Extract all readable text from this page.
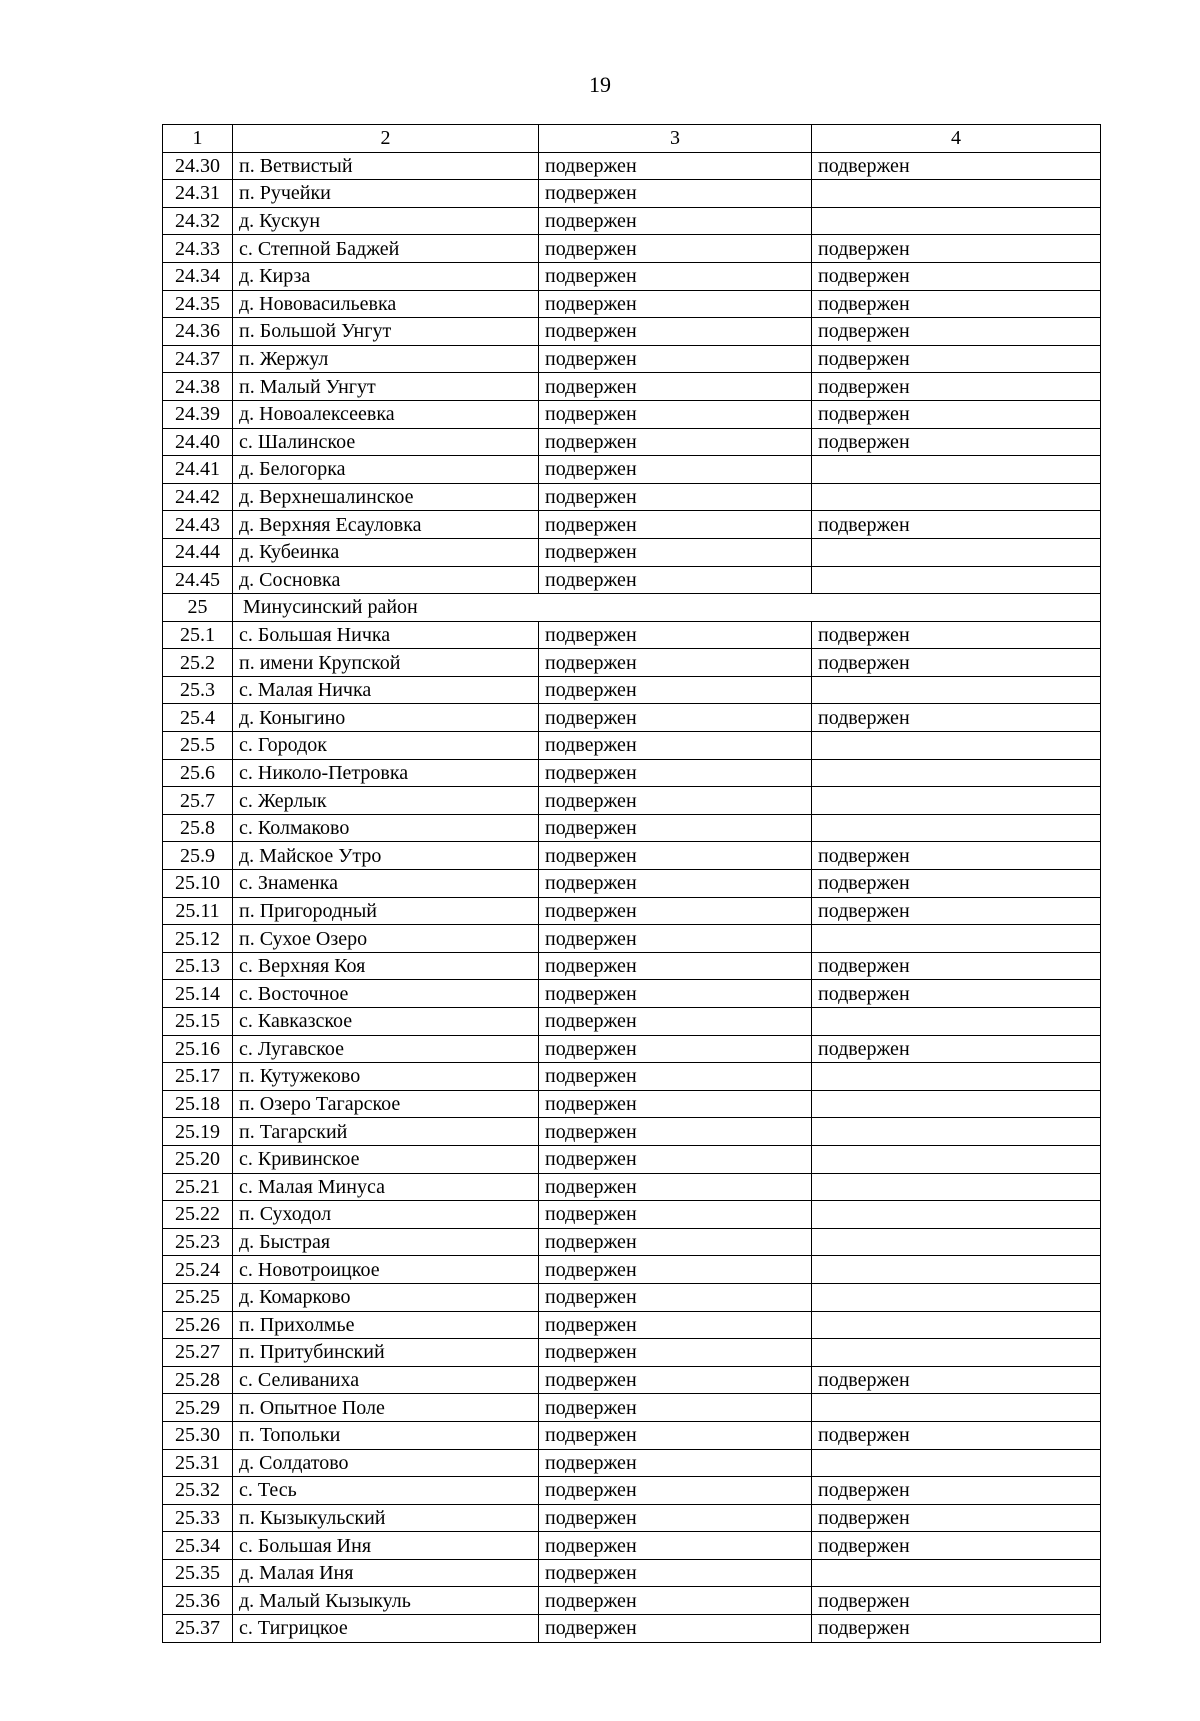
19
1	2	3	4
24.30	п. Ветвистый	подвержен	подвержен
24.31	п. Ручейки	подвержен	
24.32	д. Кускун	подвержен	
24.33	с. Степной Баджей	подвержен	подвержен
24.34	д. Кирза	подвержен	подвержен
24.35	д. Нововасильевка	подвержен	подвержен
24.36	п. Большой Унгут	подвержен	подвержен
24.37	п. Жержул	подвержен	подвержен
24.38	п. Малый Унгут	подвержен	подвержен
24.39	д. Новоалексеевка	подвержен	подвержен
24.40	с. Шалинское	подвержен	подвержен
24.41	д. Белогорка	подвержен	
24.42	д. Верхнешалинское	подвержен	
24.43	д. Верхняя Есауловка	подвержен	подвержен
24.44	д. Кубеинка	подвержен	
24.45	д. Сосновка	подвержен	
25	Минусинский район		
25.1	с. Большая Ничка	подвержен	подвержен
25.2	п. имени Крупской	подвержен	подвержен
25.3	с. Малая Ничка	подвержен	
25.4	д. Коныгино	подвержен	подвержен
25.5	с. Городок	подвержен	
25.6	с. Николо-Петровка	подвержен	
25.7	с. Жерлык	подвержен	
25.8	с. Колмаково	подвержен	
25.9	д. Майское Утро	подвержен	подвержен
25.10	с. Знаменка	подвержен	подвержен
25.11	п. Пригородный	подвержен	подвержен
25.12	п. Сухое Озеро	подвержен	
25.13	с. Верхняя Коя	подвержен	подвержен
25.14	с. Восточное	подвержен	подвержен
25.15	с. Кавказское	подвержен	
25.16	с. Лугавское	подвержен	подвержен
25.17	п. Кутужеково	подвержен	
25.18	п. Озеро Тагарское	подвержен	
25.19	п. Тагарский	подвержен	
25.20	с. Кривинское	подвержен	
25.21	с. Малая Минуса	подвержен	
25.22	п. Суходол	подвержен	
25.23	д. Быстрая	подвержен	
25.24	с. Новотроицкое	подвержен	
25.25	д. Комарково	подвержен	
25.26	п. Прихолмье	подвержен	
25.27	п. Притубинский	подвержен	
25.28	с. Селиваниха	подвержен	подвержен
25.29	п. Опытное Поле	подвержен	
25.30	п. Топольки	подвержен	подвержен
25.31	д. Солдатово	подвержен	
25.32	с. Тесь	подвержен	подвержен
25.33	п. Кызыкульский	подвержен	подвержен
25.34	с. Большая Иня	подвержен	подвержен
25.35	д. Малая Иня	подвержен	
25.36	д. Малый Кызыкуль	подвержен	подвержен
25.37	с. Тигрицкое	подвержен	подвержен
